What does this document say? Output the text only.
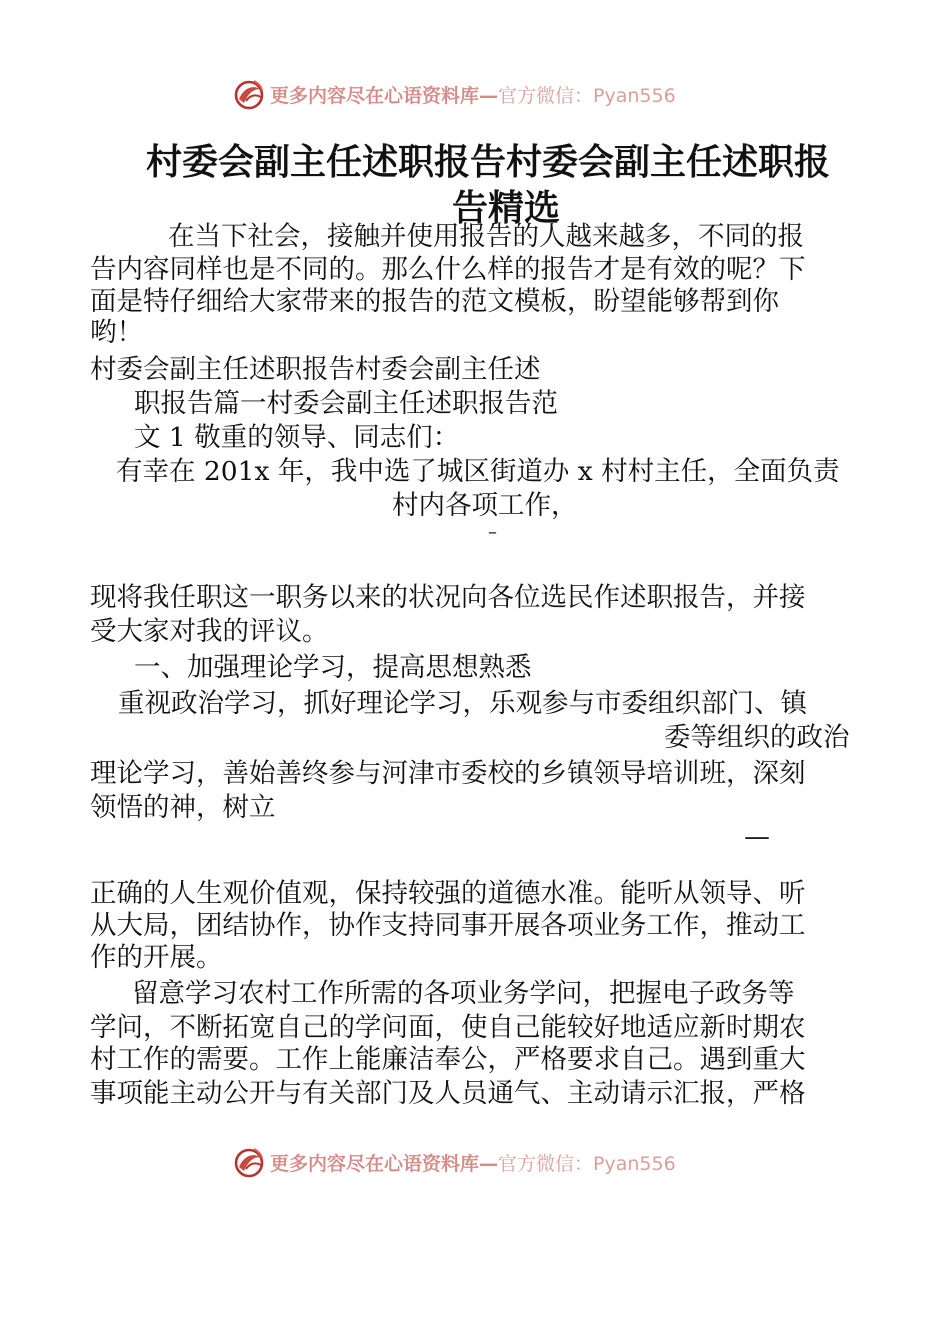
更多内容尽在心语资料库—官方微信：Pyan556
村委会副主任述职报告村委会副主任述职报
告精选
在当下社会，接触并使用报告的人越来越多，不同的报
告内容同样也是不同的。那么什么样的报告才是有效的呢？下
面是特仔细给大家带来的报告的范文模板，盼望能够帮到你
哟！
村委会副主任述职报告村委会副主任述
职报告篇一村委会副主任述职报告范
文 1 敬重的领导、同志们：
有幸在 201x 年，我中选了城区街道办 x 村村主任，全面负责
村内各项工作，
–
现将我任职这一职务以来的状况向各位选民作述职报告，并接
受大家对我的评议。
一、加强理论学习，提高思想熟悉
重视政治学习，抓好理论学习，乐观参与市委组织部门、镇
委等组织的政治
理论学习，善始善终参与河津市委校的乡镇领导培训班，深刻
领悟的神，树立
—
正确的人生观价值观，保持较强的道德水准。能听从领导、听
从大局，团结协作，协作支持同事开展各项业务工作，推动工
作的开展。
留意学习农村工作所需的各项业务学问，把握电子政务等
学问，不断拓宽自己的学问面，使自己能较好地适应新时期农
村工作的需要。工作上能廉洁奉公，严格要求自己。遇到重大
事项能主动公开与有关部门及人员通气、主动请示汇报，严格
更多内容尽在心语资料库—官方微信：Pyan556
